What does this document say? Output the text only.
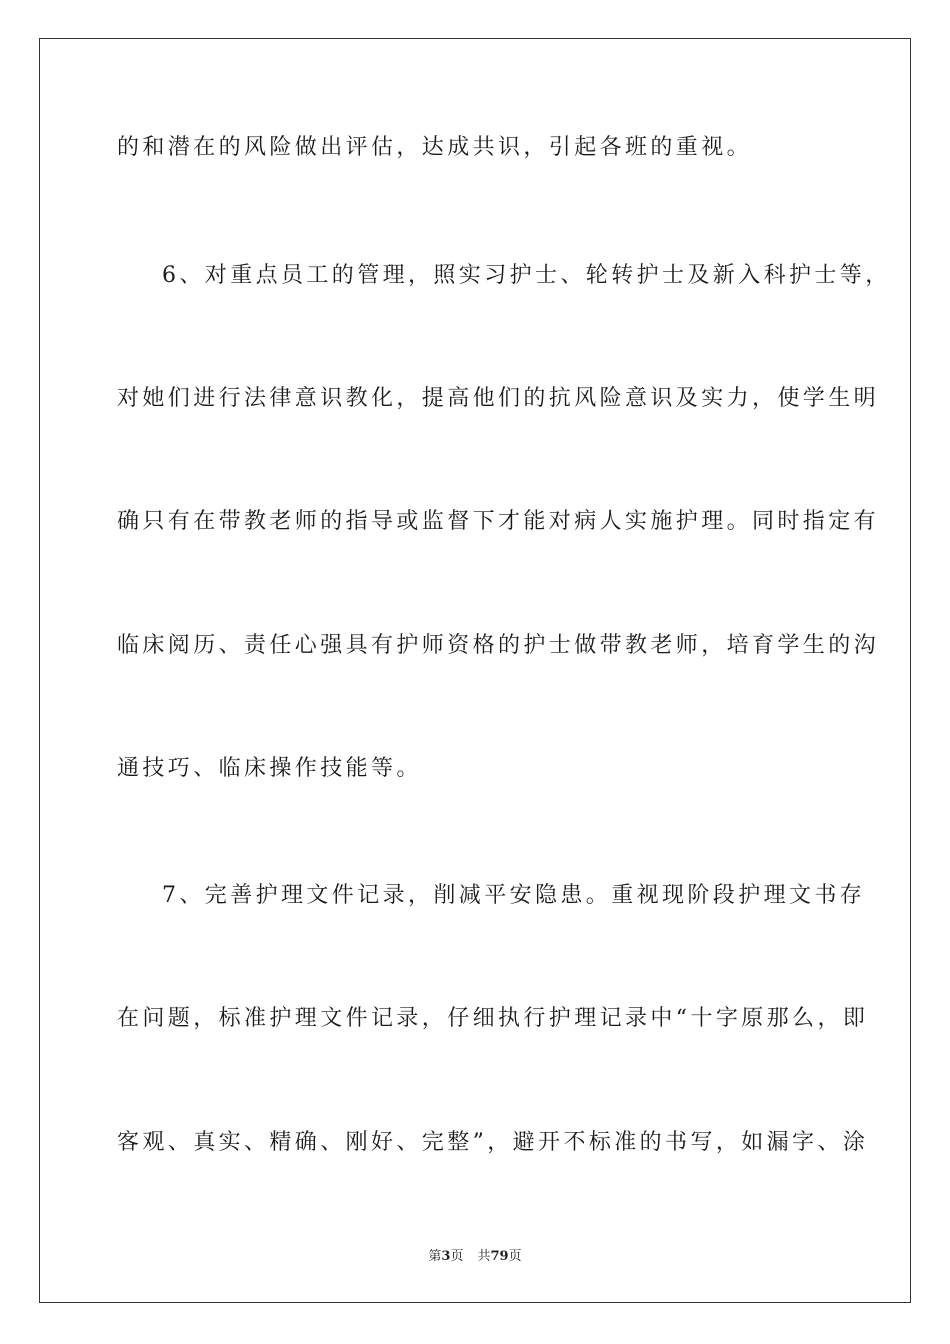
的和潜在的风险做出评估，达成共识，引起各班的重视。
6、对重点员工的管理，照实习护士、轮转护士及新入科护士等，
对她们进行法律意识教化，提高他们的抗风险意识及实力，使学生明
确只有在带教老师的指导或监督下才能对病人实施护理。同时指定有
临床阅历、责任心强具有护师资格的护士做带教老师，培育学生的沟
通技巧、临床操作技能等。
7、完善护理文件记录，削减平安隐患。重视现阶段护理文书存
在问题，标准护理文件记录，仔细执行护理记录中“十字原那么，即
客观、真实、精确、刚好、完整”，避开不标准的书写，如漏字、涂
第3页 共79页
